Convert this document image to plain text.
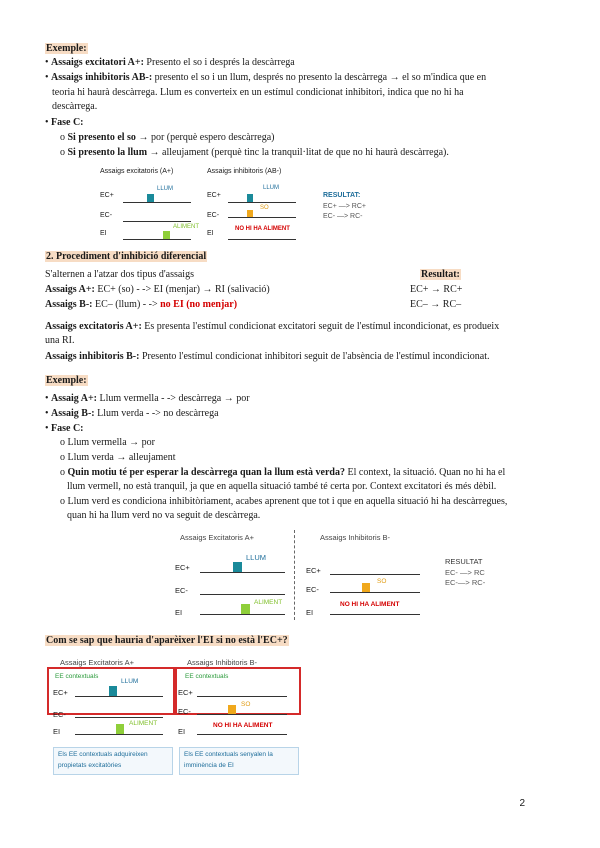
Exemple:
• Assaigs excitatori A+: Presento el so i després la descàrrega
• Assaigs inhibitoris AB-: presento el so i un llum, després no presento la descàrrega → el so m'indica que en
teoria hi haurà descàrrega. Llum es converteix en un estímul condicionat inhibitori, indica que no hi ha
descàrrega.
• Fase C:
o Si presento el so → por (perquè espero descàrrega)
o Si presento la llum → alleujament (perquè tinc la tranquil·litat de que no hi haurà descàrrega).
Assaigs excitatoris (A+)	Assaigs inhibitoris (AB-)
EC+
EC-
EI
LLUM
ALIMENT
EC+
EC-
EI
LLUM
SO
NO HI HA ALIMENT
RESULTAT:
EC+ —> RC+
EC- —> RC-
2. Procediment d'inhibició diferencial
S'alternen a l'atzar dos tipus d'assaigs	Resultat:
Assaigs A+: EC+ (so) - -> EI (menjar) → RI (salivació)	EC+ → RC+
Assaigs B-: EC– (llum) - -> no EI (no menjar)	EC– → RC–
Assaigs excitatoris A+: Es presenta l'estímul condicionat excitatori seguit de l'estímul incondicionat, es produeix
una RI.
Assaigs inhibitoris B-: Presento l'estímul condicionat inhibitori seguit de l'absència de l'estímul incondicionat.
Exemple:
• Assaig A+: Llum vermella - -> descàrrega → por
• Assaig B-: Llum verda - -> no descàrrega
• Fase C:
o Llum vermella → por
o Llum verda → alleujament
o Quin motiu té per esperar la descàrrega quan la llum està verda? El context, la situació. Quan no hi ha el
llum vermell, no està tranquil, ja que en aquella situació també té certa por. Context excitatori és més dèbil.
o Llum verd es condiciona inhibitòriament, acabes aprenent que tot i que en aquella situació hi ha descàrregues,
quan hi ha llum verd no va seguit de descàrrega.
Assaigs Excitatoris A+	Assaigs Inhibitoris B-
EC+
EC-
EI
LLUM
ALIMENT
EC+
EC-
EI
SO
NO HI HA ALIMENT
RESULTAT
EC- —> RC
EC-—> RC-
Com se sap que hauria d'aparèixer l'EI si no està l'EC+?
Assaigs Excitatoris A+	Assaigs Inhibitoris B-
EE contextuals	EE contextuals
EC+
LLUM
EC+
EC-	EC-
SO
EI
ALIMENT
EI
NO HI HA ALIMENT
Els EE contextuals adquireixen
propietats excitatòries
Els EE contextuals senyalen la
imminència de EI
2
